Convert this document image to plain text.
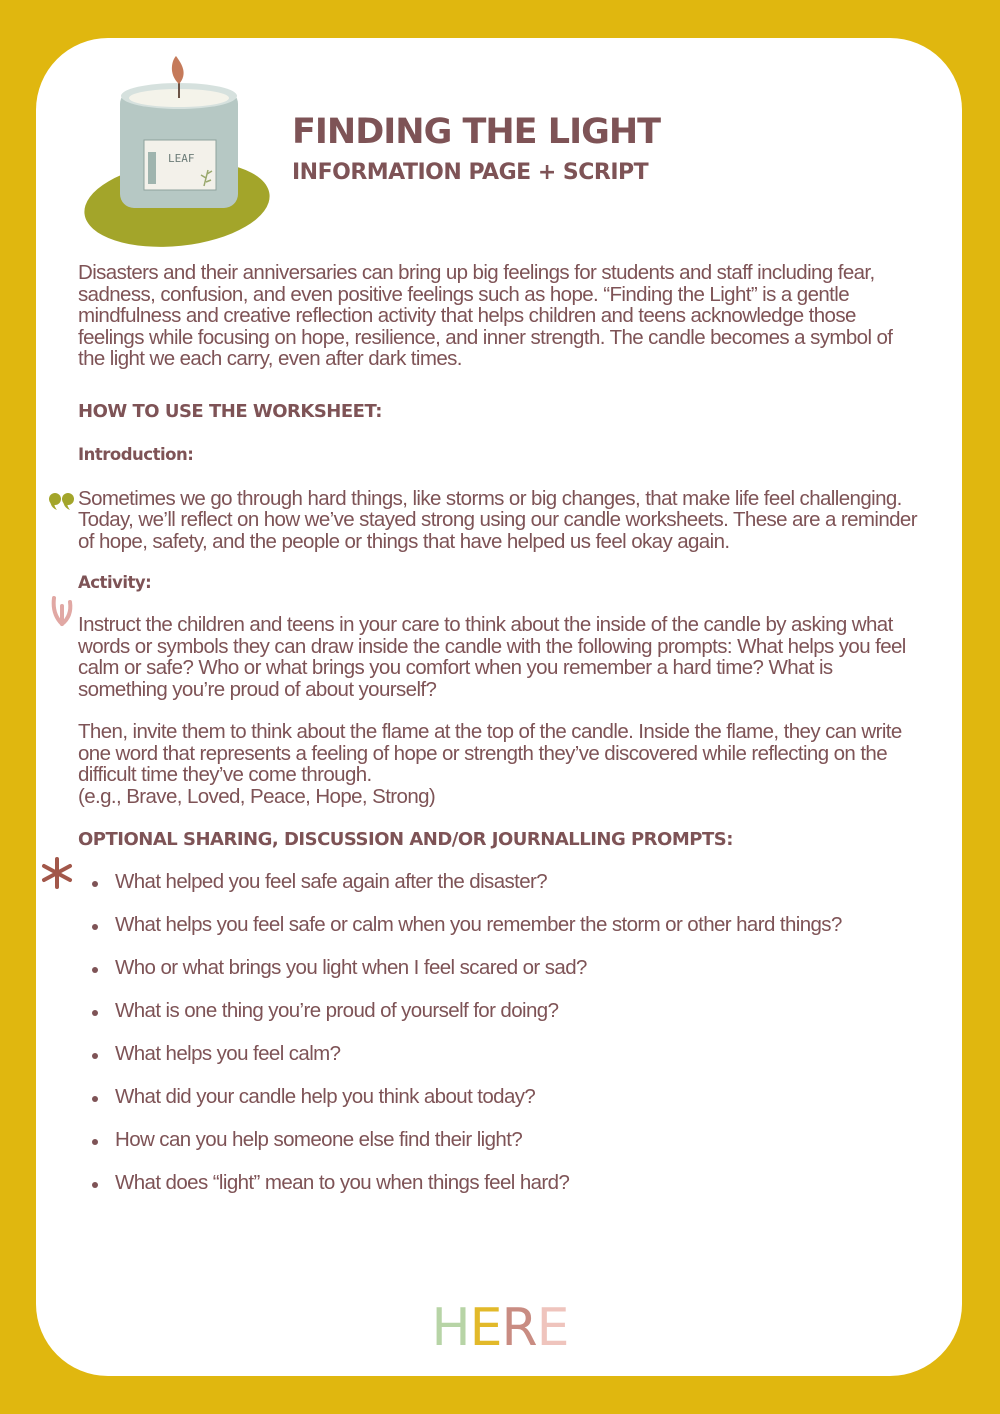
LEAF
FINDING THE LIGHT
INFORMATION PAGE + SCRIPT

Disasters and their anniversaries can bring up big feelings for students and staff including fear, sadness, confusion, and even positive feelings such as hope. “Finding the Light” is a gentle mindfulness and creative reflection activity that helps children and teens acknowledge those feelings while focusing on hope, resilience, and inner strength. The candle becomes a symbol of the light we each carry, even after dark times.

HOW TO USE THE WORKSHEET:
Introduction:

Sometimes we go through hard things, like storms or big changes, that make life feel challenging. Today, we’ll reflect on how we’ve stayed strong using our candle worksheets. These are a reminder of hope, safety, and the people or things that have helped us feel okay again.

Activity:

Instruct the children and teens in your care to think about the inside of the candle by asking what words or symbols they can draw inside the candle with the following prompts: What helps you feel calm or safe? Who or what brings you comfort when you remember a hard time? What is something you’re proud of about yourself?

Then, invite them to think about the flame at the top of the candle. Inside the flame, they can write one word that represents a feeling of hope or strength they’ve discovered while reflecting on the difficult time they’ve come through.

(e.g., Brave, Loved, Peace, Hope, Strong)

OPTIONAL SHARING, DISCUSSION AND/OR JOURNALLING PROMPTS:
What helped you feel safe again after the disaster?
What helps you feel safe or calm when you remember the storm or other hard things?
Who or what brings you light when I feel scared or sad?
What is one thing you’re proud of yourself for doing?
What helps you feel calm?
What did your candle help you think about today?
How can you help someone else find their light?
What does “light” mean to you when things feel hard?
HERE
